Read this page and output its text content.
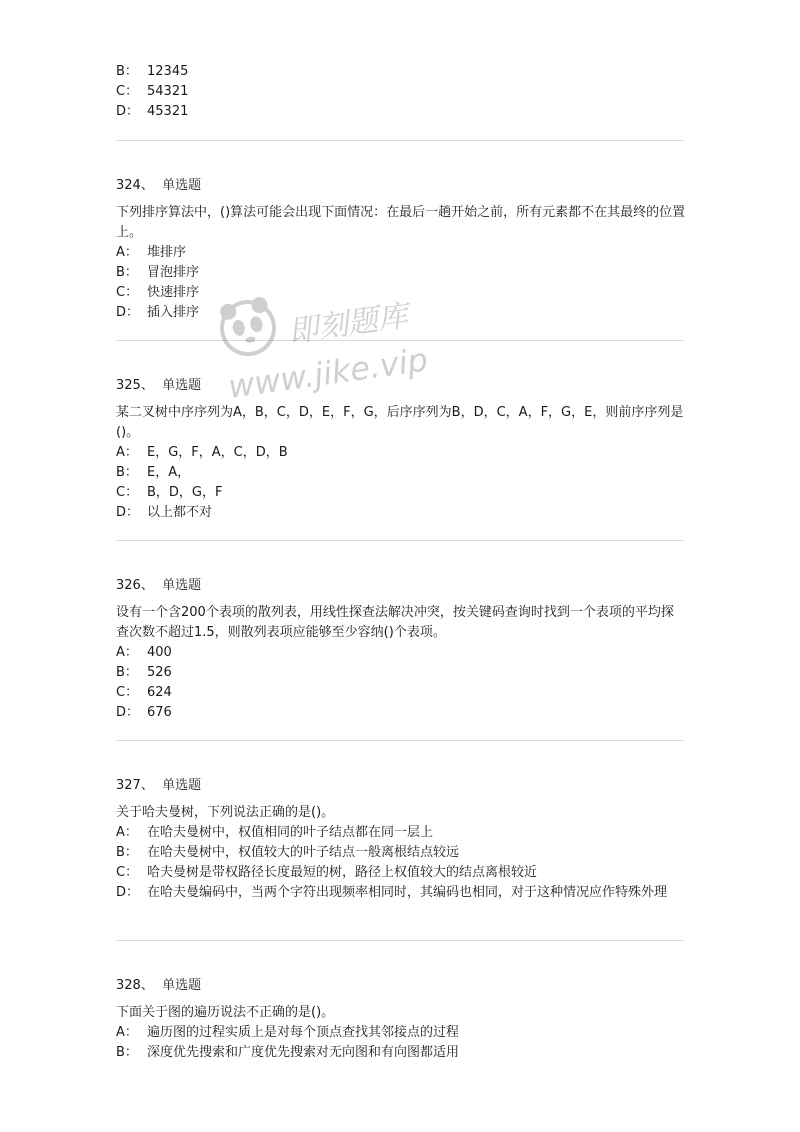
B： 12345
C： 54321
D： 45321
324、 单选题
下列排序算法中，()算法可能会出现下面情况：在最后一趟开始之前，所有元素都不在其最终的位置上。
A： 堆排序
B： 冒泡排序
C： 快速排序
D： 插入排序
325、 单选题
某二叉树中序序列为A，B，C，D，E，F，G，后序序列为B，D，C，A，F，G，E，则前序序列是()。
A： E，G，F，A，C，D，B
B： E，A，
C： B，D，G，F
D： 以上都不对
326、 单选题
设有一个含200个表项的散列表，用线性探查法解决冲突，按关键码查询时找到一个表项的平均探查次数不超过1.5，则散列表项应能够至少容纳()个表项。
A： 400
B： 526
C： 624
D： 676
327、 单选题
关于哈夫曼树，下列说法正确的是()。
A： 在哈夫曼树中，权值相同的叶子结点都在同一层上
B： 在哈夫曼树中，权值较大的叶子结点一般离根结点较远
C： 哈夫曼树是带权路径长度最短的树，路径上权值较大的结点离根较近
D： 在哈夫曼编码中，当两个字符出现频率相同时，其编码也相同，对于这种情况应作特殊外理
328、 单选题
下面关于图的遍历说法不正确的是()。
A： 遍历图的过程实质上是对每个顶点查找其邻接点的过程
B： 深度优先搜索和广度优先搜索对无向图和有向图都适用
即刻题库
www.jike.vip
